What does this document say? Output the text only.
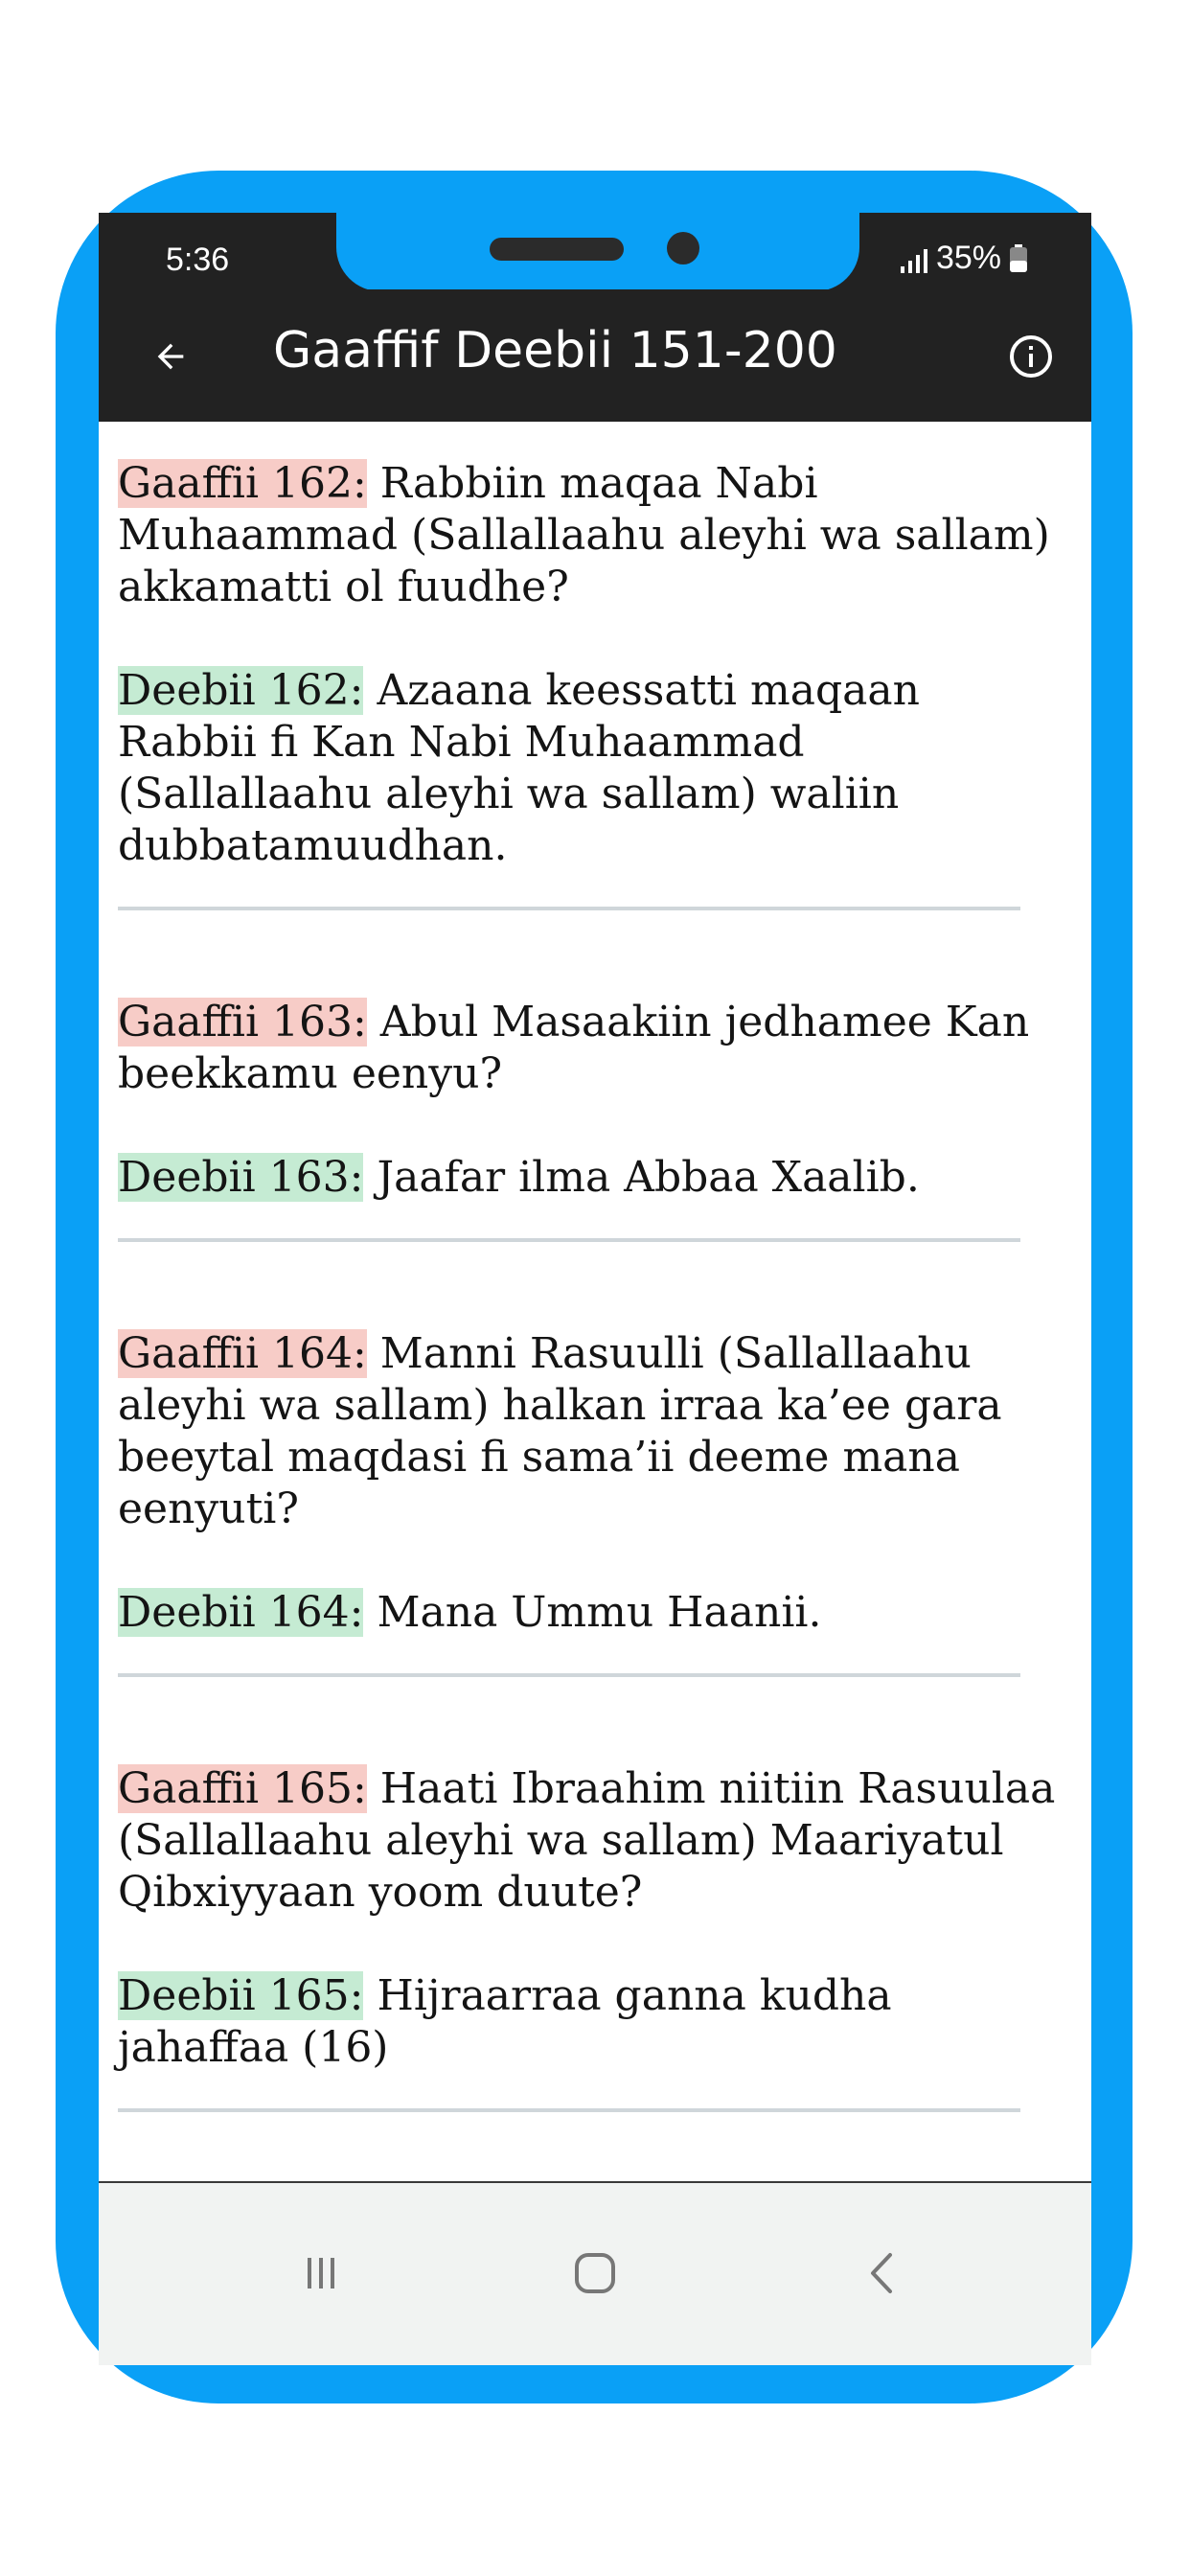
5:36	35%
Gaaffif Deebii 151-200

Gaaffii 162: Rabbiin maqaa Nabi Muhaammad (Sallallaahu aleyhi wa sallam) akkamatti ol fuudhe?

Deebii 162: Azaana keessatti maqaan Rabbii fi Kan Nabi Muhaammad (Sallallaahu aleyhi wa sallam) waliin dubbatamuudhan.

Gaaffii 163: Abul Masaakiin jedhamee Kan beekkamu eenyu?

Deebii 163: Jaafar ilma Abbaa Xaalib.

Gaaffii 164: Manni Rasuulli (Sallallaahu aleyhi wa sallam) halkan irraa ka’ee gara beeytal maqdasi fi sama’ii deeme mana eenyuti?

Deebii 164: Mana Ummu Haanii.

Gaaffii 165: Haati Ibraahim niitiin Rasuulaa (Sallallaahu aleyhi wa sallam) Maariyatul Qibxiyyaan yoom duute?

Deebii 165: Hijraarraa ganna kudha jahaffaa (16)
